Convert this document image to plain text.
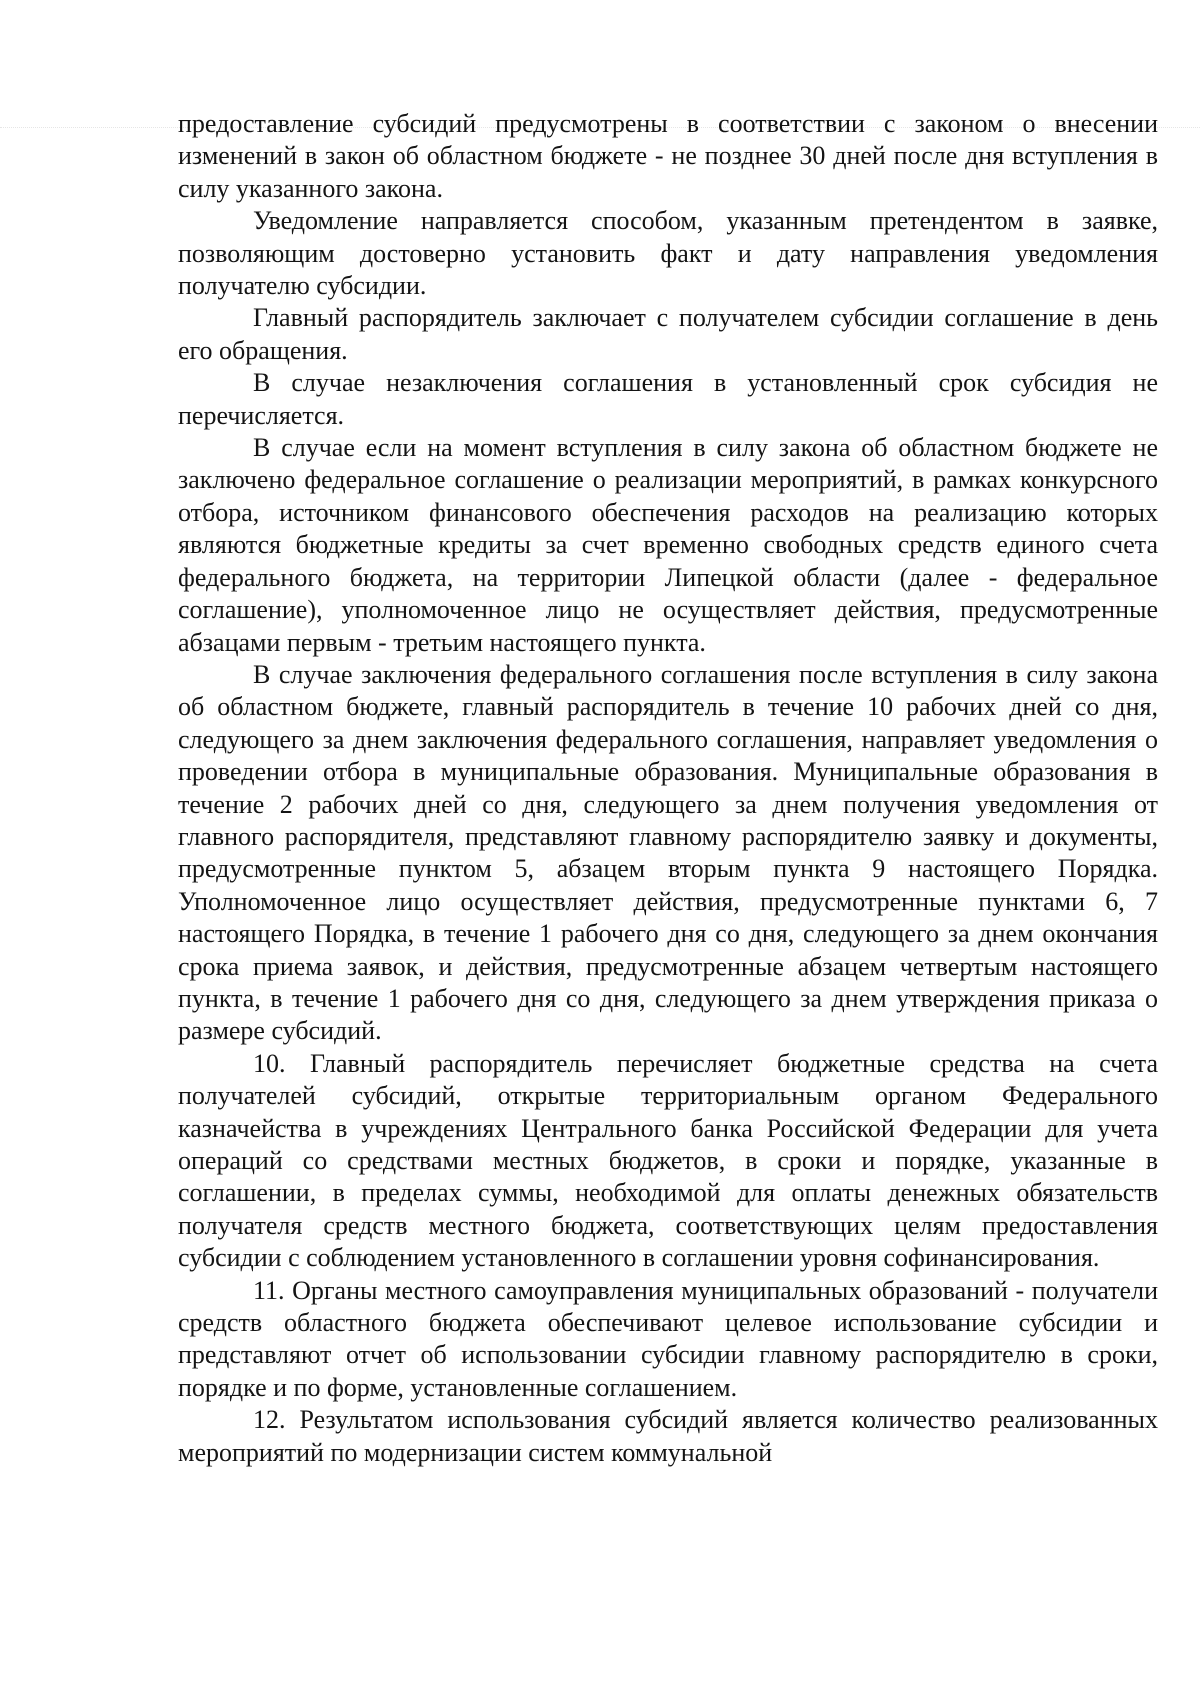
предоставление субсидий предусмотрены в соответствии с законом о внесении изменений в закон об областном бюджете - не позднее 30 дней после дня вступления в силу указанного закона.

Уведомление направляется способом, указанным претендентом в заявке, позволяющим достоверно установить факт и дату направления уведомления получателю субсидии.

Главный распорядитель заключает с получателем субсидии соглашение в день его обращения.

В случае незаключения соглашения в установленный срок субсидия не перечисляется.

В случае если на момент вступления в силу закона об областном бюджете не заключено федеральное соглашение о реализации мероприятий, в рамках конкурсного отбора, источником финансового обеспечения расходов на реализацию которых являются бюджетные кредиты за счет временно свободных средств единого счета федерального бюджета, на территории Липецкой области (далее - федеральное соглашение), уполномоченное лицо не осуществляет действия, предусмотренные абзацами первым - третьим настоящего пункта.

В случае заключения федерального соглашения после вступления в силу закона об областном бюджете, главный распорядитель в течение 10 рабочих дней со дня, следующего за днем заключения федерального соглашения, направляет уведомления о проведении отбора в муниципальные образования. Муниципальные образования в течение 2 рабочих дней со дня, следующего за днем получения уведомления от главного распорядителя, представляют главному распорядителю заявку и документы, предусмотренные пунктом 5, абзацем вторым пункта 9 настоящего Порядка. Уполномоченное лицо осуществляет действия, предусмотренные пунктами 6, 7 настоящего Порядка, в течение 1 рабочего дня со дня, следующего за днем окончания срока приема заявок, и действия, предусмотренные абзацем четвертым настоящего пункта, в течение 1 рабочего дня со дня, следующего за днем утверждения приказа о размере субсидий.

10. Главный распорядитель перечисляет бюджетные средства на счета получателей субсидий, открытые территориальным органом Федерального казначейства в учреждениях Центрального банка Российской Федерации для учета операций со средствами местных бюджетов, в сроки и порядке, указанные в соглашении, в пределах суммы, необходимой для оплаты денежных обязательств получателя средств местного бюджета, соответствующих целям предоставления субсидии с соблюдением установленного в соглашении уровня софинансирования.

11. Органы местного самоуправления муниципальных образований - получатели средств областного бюджета обеспечивают целевое использование субсидии и представляют отчет об использовании субсидии главному распорядителю в сроки, порядке и по форме, установленные соглашением.

12. Результатом использования субсидий является количество реализованных мероприятий по модернизации систем коммунальной
